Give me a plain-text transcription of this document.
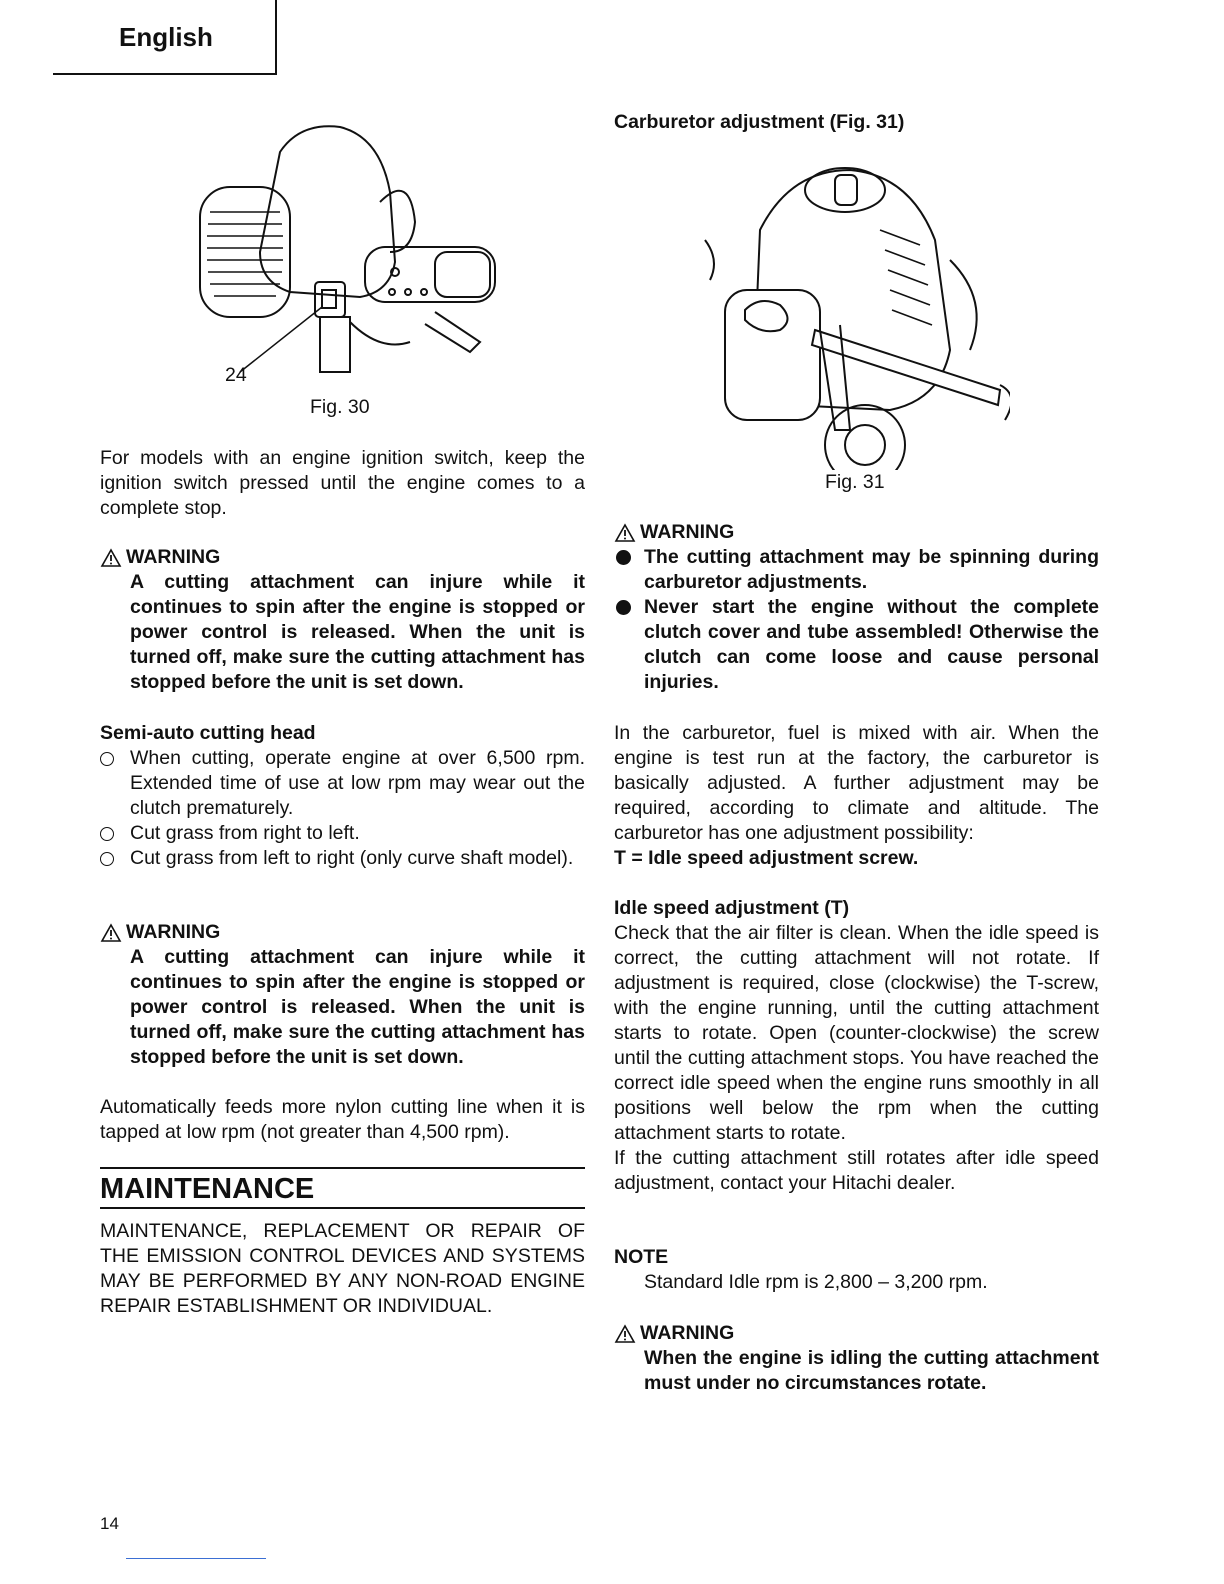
English
24
Fig. 30

For models with an engine ignition switch, keep the ignition switch pressed until the engine comes to a complete stop.

WARNING
A cutting attachment can injure while it continues to spin after the engine is stopped or power control is released. When the unit is turned off, make sure the cutting attachment has stopped before the unit is set down.
Semi-auto cutting head
When cutting, operate engine at over 6,500 rpm. Extended time of use at low rpm may wear out the clutch prematurely.
Cut grass from right to left.
Cut grass from left to right (only curve shaft model).
WARNING
A cutting attachment can injure while it continues to spin after the engine is stopped or power control is released. When the unit is turned off, make sure the cutting attachment has stopped before the unit is set down.

Automatically feeds more nylon cutting line when it is tapped at low rpm (not greater than 4,500 rpm).

MAINTENANCE

MAINTENANCE, REPLACEMENT OR REPAIR OF THE EMISSION CONTROL DEVICES AND SYSTEMS MAY BE PERFORMED BY ANY NON-ROAD ENGINE REPAIR ESTABLISHMENT OR INDIVIDUAL.

Carburetor adjustment (Fig. 31)
Fig. 31
WARNING
The cutting attachment may be spinning during carburetor adjustments.
Never start the engine without the complete clutch cover and tube assembled! Otherwise the clutch can come loose and cause personal injuries.

In the carburetor, fuel is mixed with air. When the engine is test run at the factory, the carburetor is basically adjusted. A further adjustment may be required, according to climate and altitude. The carburetor has one adjustment possibility:

T = Idle speed adjustment screw.
Idle speed adjustment (T)

Check that the air filter is clean. When the idle speed is correct, the cutting attachment will not rotate. If adjustment is required, close (clockwise) the T-screw, with the engine running, until the cutting attachment starts to rotate. Open (counter-clockwise) the screw until the cutting attachment stops. You have reached the correct idle speed when the engine runs smoothly in all positions well below the rpm when the cutting attachment starts to rotate.

If the cutting attachment still rotates after idle speed adjustment, contact your Hitachi dealer.

NOTE
Standard Idle rpm is 2,800 – 3,200 rpm.
WARNING
When the engine is idling the cutting attachment must under no circumstances rotate.
14
